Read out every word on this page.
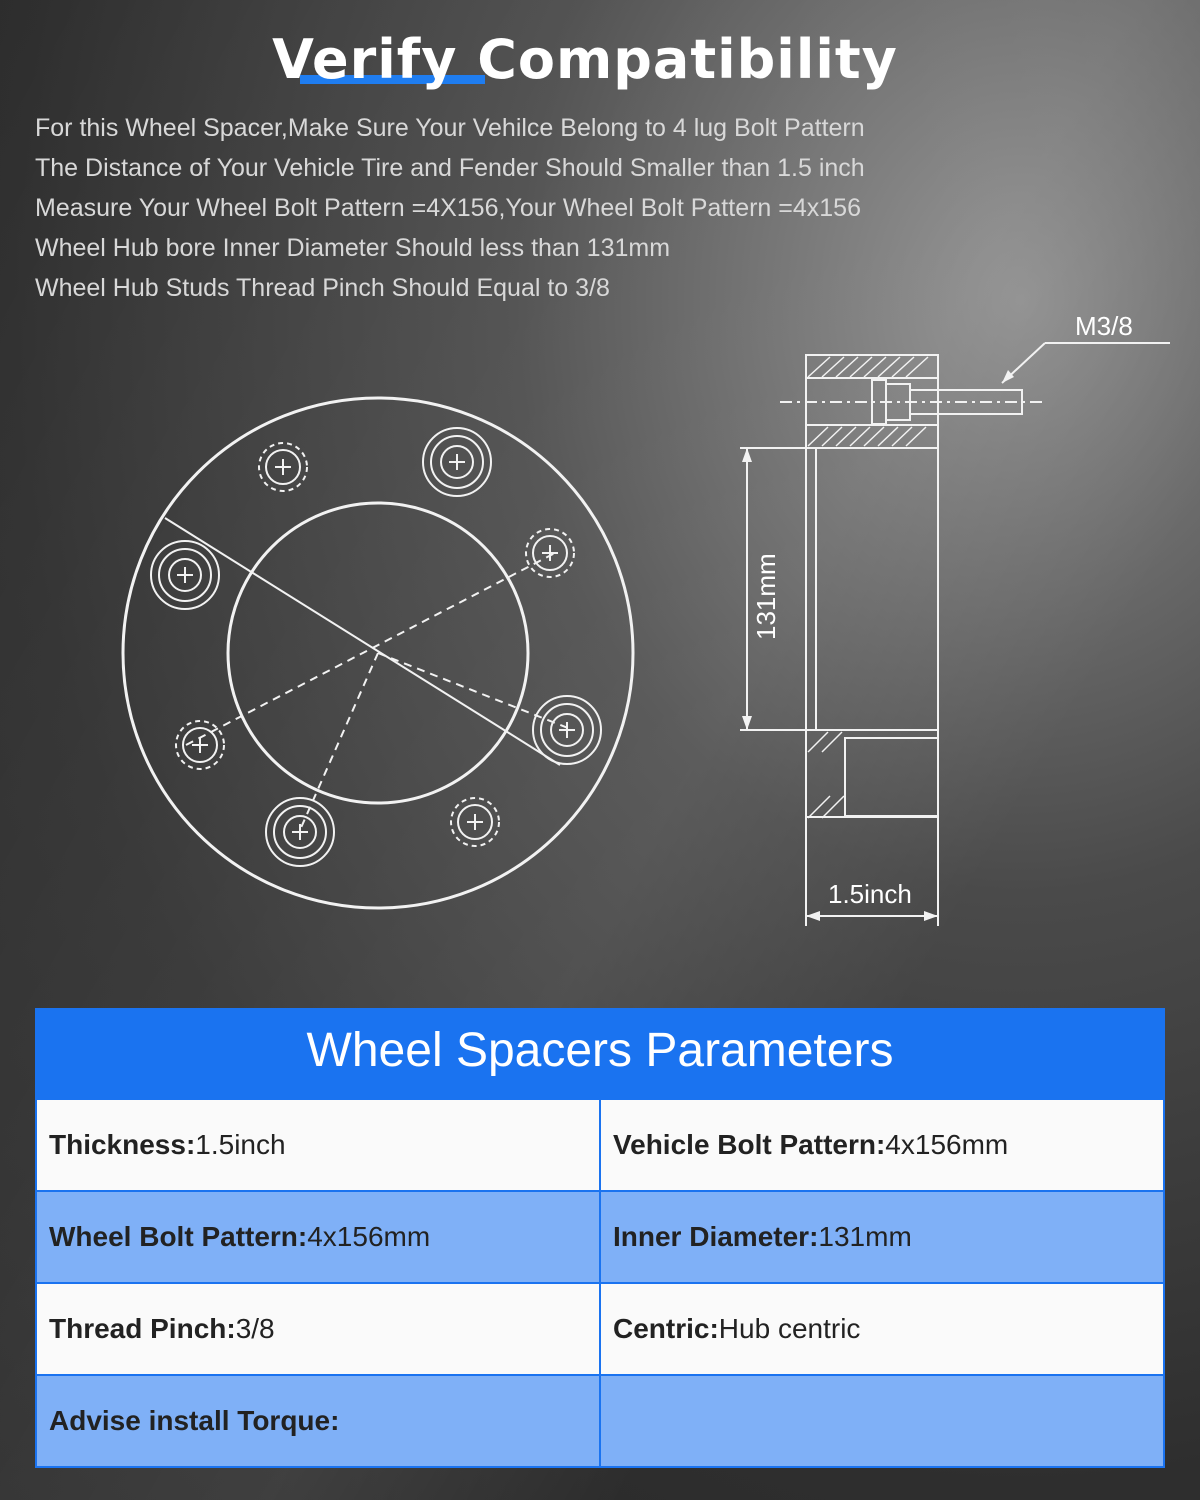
Verify Compatibility
For this Wheel Spacer,Make Sure Your Vehilce Belong to 4 lug Bolt Pattern
The Distance of Your Vehicle Tire and Fender Should Smaller than 1.5 inch
Measure Your Wheel Bolt Pattern =4X156,Your Wheel Bolt Pattern =4x156
Wheel Hub bore Inner Diameter Should less than 131mm
Wheel Hub Studs Thread Pinch Should Equal to 3/8
M3/8
131mm
1.5inch
Wheel Spacers Parameters
Thickness:1.5inch	Vehicle Bolt Pattern:4x156mm
Wheel Bolt Pattern:4x156mm	Inner Diameter:131mm
Thread Pinch:3/8	Centric:Hub centric
Advise install Torque:	
